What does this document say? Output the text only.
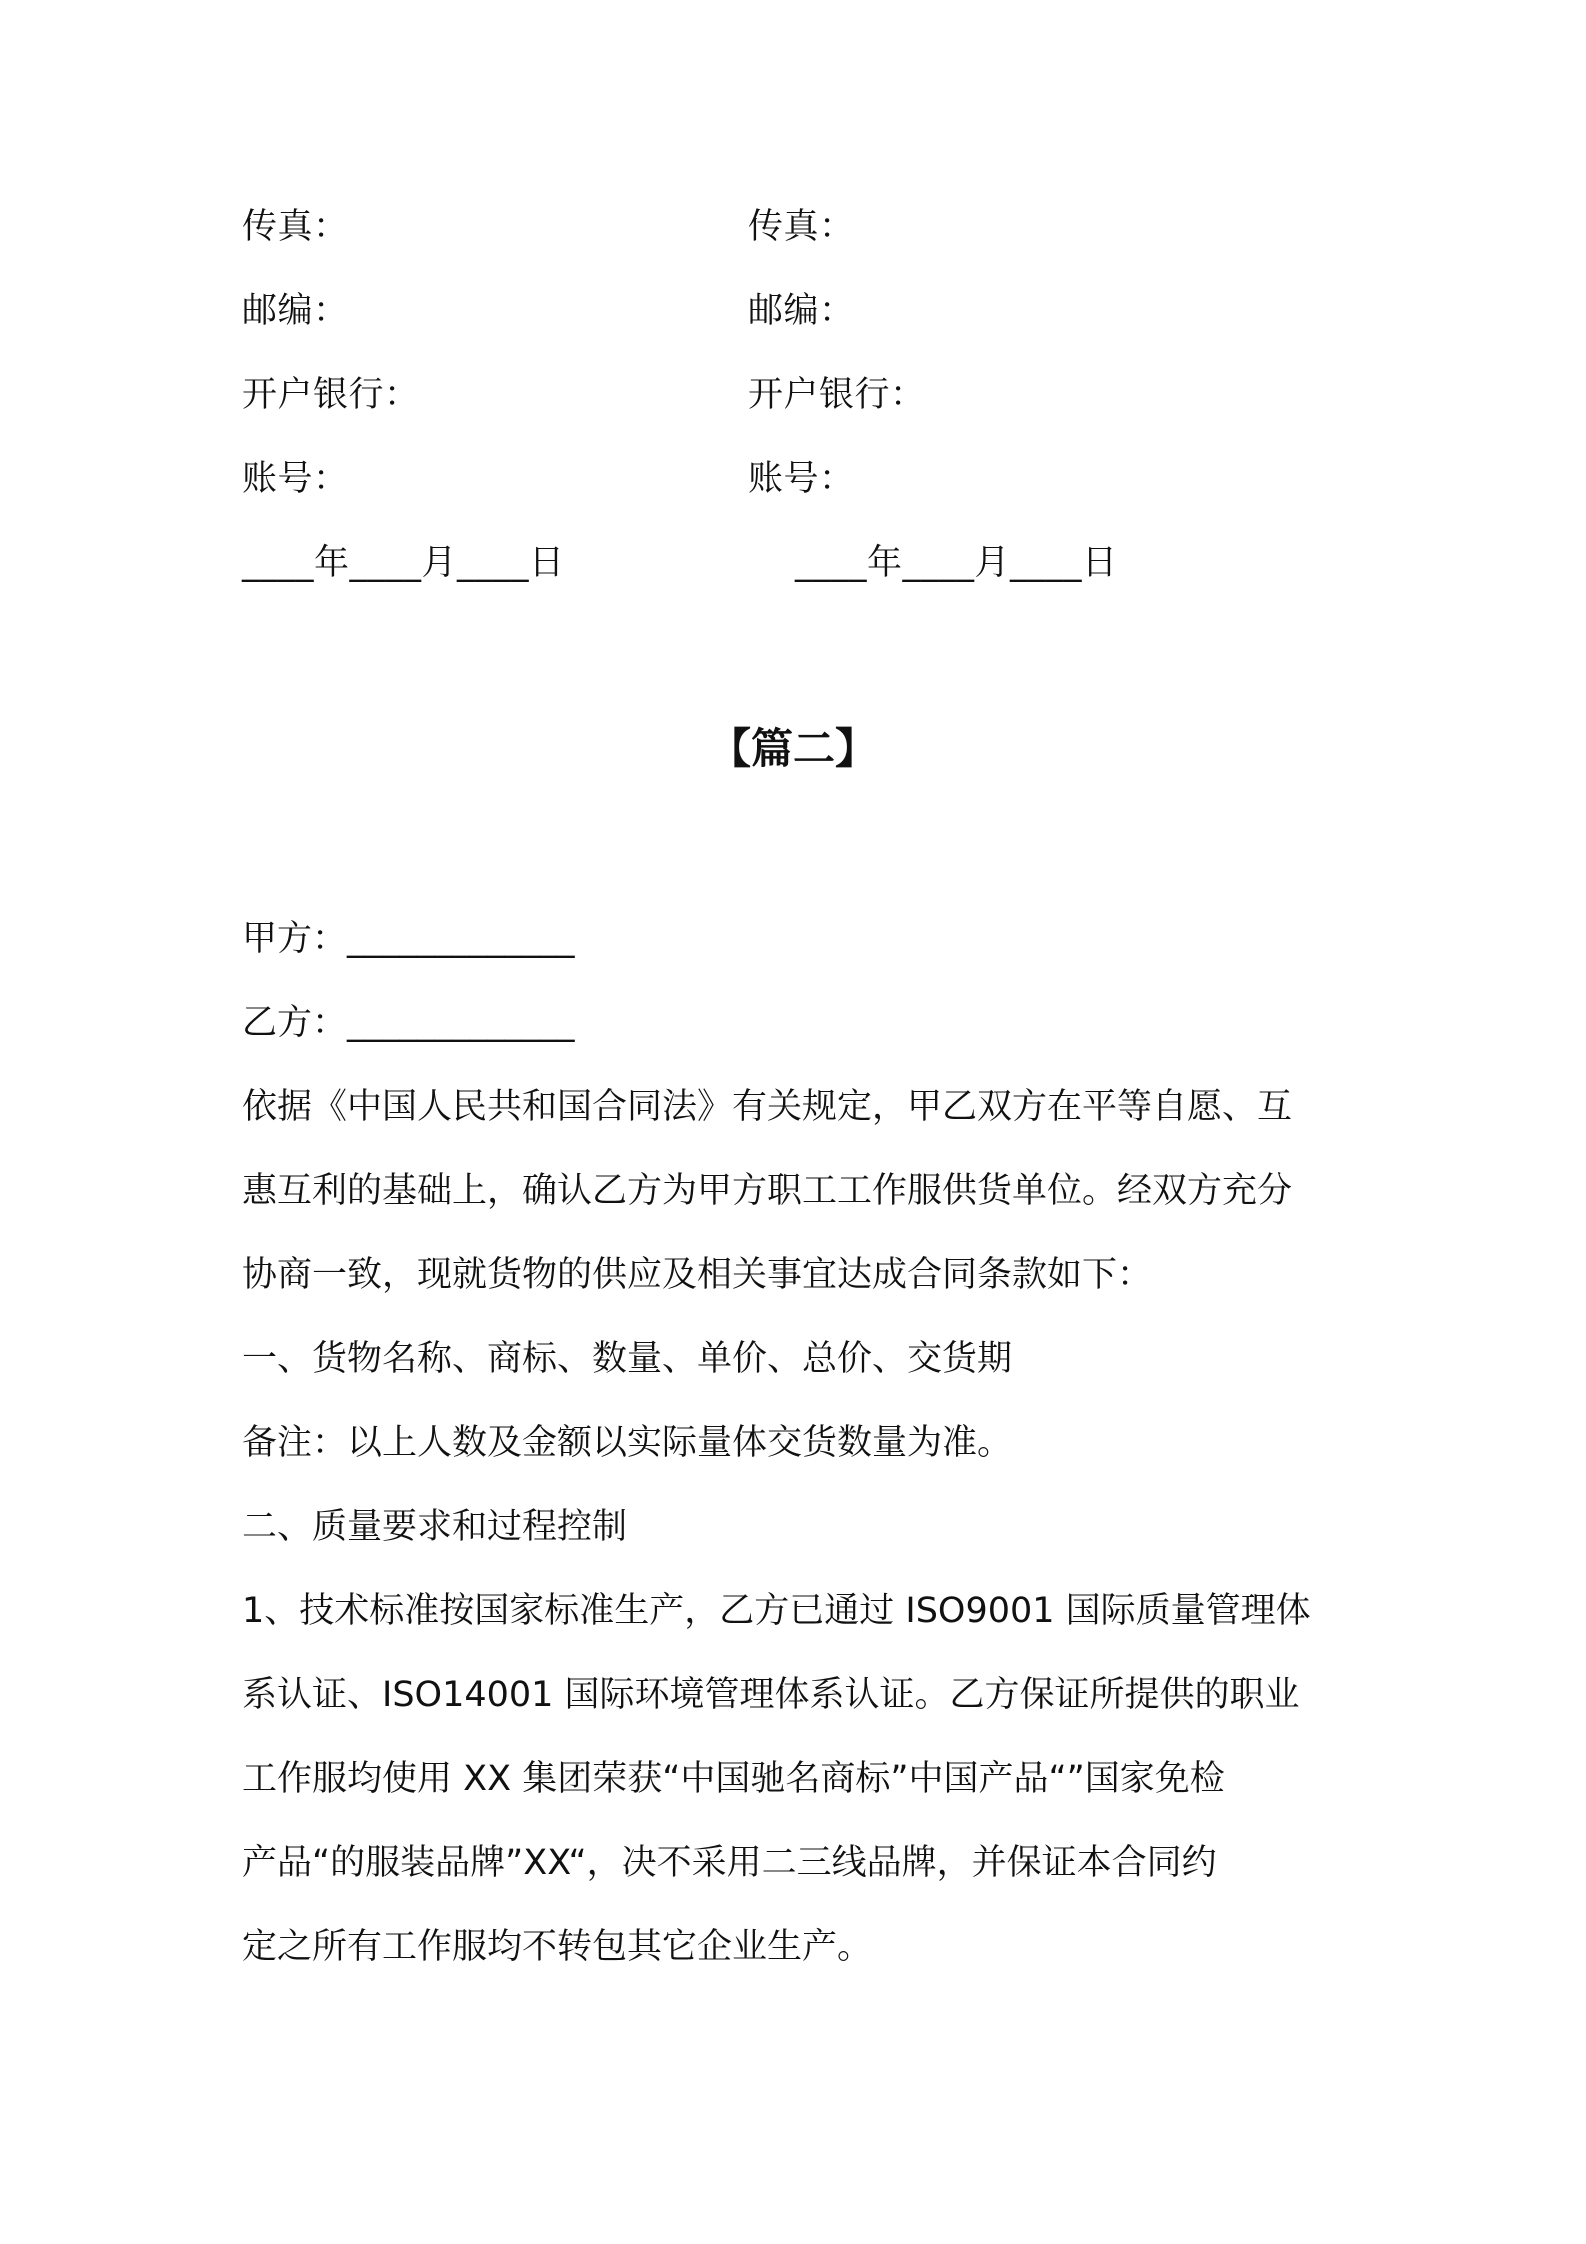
传真：
邮编：
开户银行：
账号：
____年____月____日
传真：
邮编：
开户银行：
账号：
____年____月____日
【篇二】
甲方：_____________
乙方：_____________
依据《中国人民共和国合同法》有关规定，甲乙双方在平等自愿、互
惠互利的基础上，确认乙方为甲方职工工作服供货单位。经双方充分
协商一致，现就货物的供应及相关事宜达成合同条款如下：
一、货物名称、商标、数量、单价、总价、交货期
备注：以上人数及金额以实际量体交货数量为准。
二、质量要求和过程控制
1、技术标准按国家标准生产，乙方已通过 ISO9001 国际质量管理体
系认证、ISO14001 国际环境管理体系认证。乙方保证所提供的职业
工作服均使用 XX 集团荣获“中国驰名商标”中国产品“”国家免检
产品“的服装品牌”XX“，决不采用二三线品牌，并保证本合同约
定之所有工作服均不转包其它企业生产。
